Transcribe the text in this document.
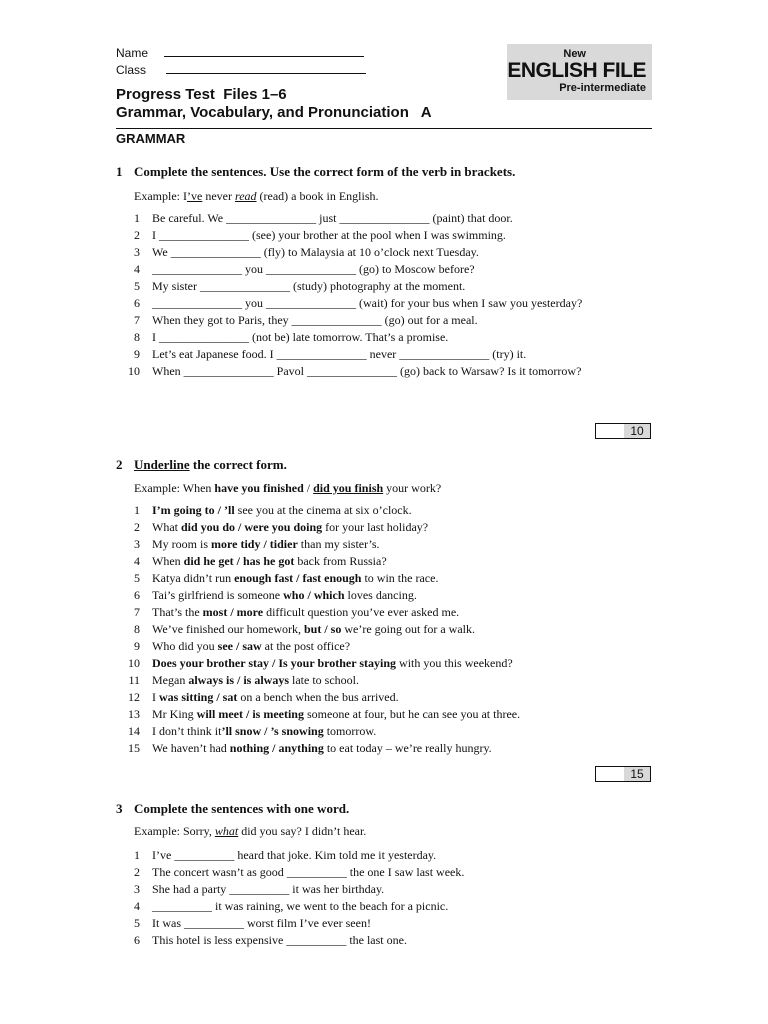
Name
Class
New
ENGLISH FILE
Pre-intermediate
Progress Test  Files 1–6
Grammar, Vocabulary, and Pronunciation   A
GRAMMAR
1 Complete the sentences. Use the correct form of the verb in brackets.
Example: I’ve never read (read) a book in English.
1 Be careful. We _______________ just _______________ (paint) that door.
2 I _______________ (see) your brother at the pool when I was swimming.
3 We _______________ (fly) to Malaysia at 10 o’clock next Tuesday.
4 _______________ you _______________ (go) to Moscow before?
5 My sister _______________ (study) photography at the moment.
6 _______________ you _______________ (wait) for your bus when I saw you yesterday?
7 When they got to Paris, they _______________ (go) out for a meal.
8 I _______________ (not be) late tomorrow. That’s a promise.
9 Let’s eat Japanese food. I _______________ never _______________ (try) it.
10 When _______________ Pavol _______________ (go) back to Warsaw? Is it tomorrow?
10
2 Underline the correct form.
Example: When have you finished / did you finish your work?
1 I’m going to / ’ll see you at the cinema at six o’clock.
2 What did you do / were you doing for your last holiday?
3 My room is more tidy / tidier than my sister’s.
4 When did he get / has he got back from Russia?
5 Katya didn’t run enough fast / fast enough to win the race.
6 Tai’s girlfriend is someone who / which loves dancing.
7 That’s the most / more difficult question you’ve ever asked me.
8 We’ve finished our homework, but / so we’re going out for a walk.
9 Who did you see / saw at the post office?
10 Does your brother stay / Is your brother staying with you this weekend?
11 Megan always is / is always late to school.
12 I was sitting / sat on a bench when the bus arrived.
13 Mr King will meet / is meeting someone at four, but he can see you at three.
14 I don’t think it’ll snow / ’s snowing tomorrow.
15 We haven’t had nothing / anything to eat today – we’re really hungry.
15
3 Complete the sentences with one word.
Example: Sorry, what did you say? I didn’t hear.
1 I’ve __________ heard that joke. Kim told me it yesterday.
2 The concert wasn’t as good __________ the one I saw last week.
3 She had a party __________ it was her birthday.
4 __________ it was raining, we went to the beach for a picnic.
5 It was __________ worst film I’ve ever seen!
6 This hotel is less expensive __________ the last one.
